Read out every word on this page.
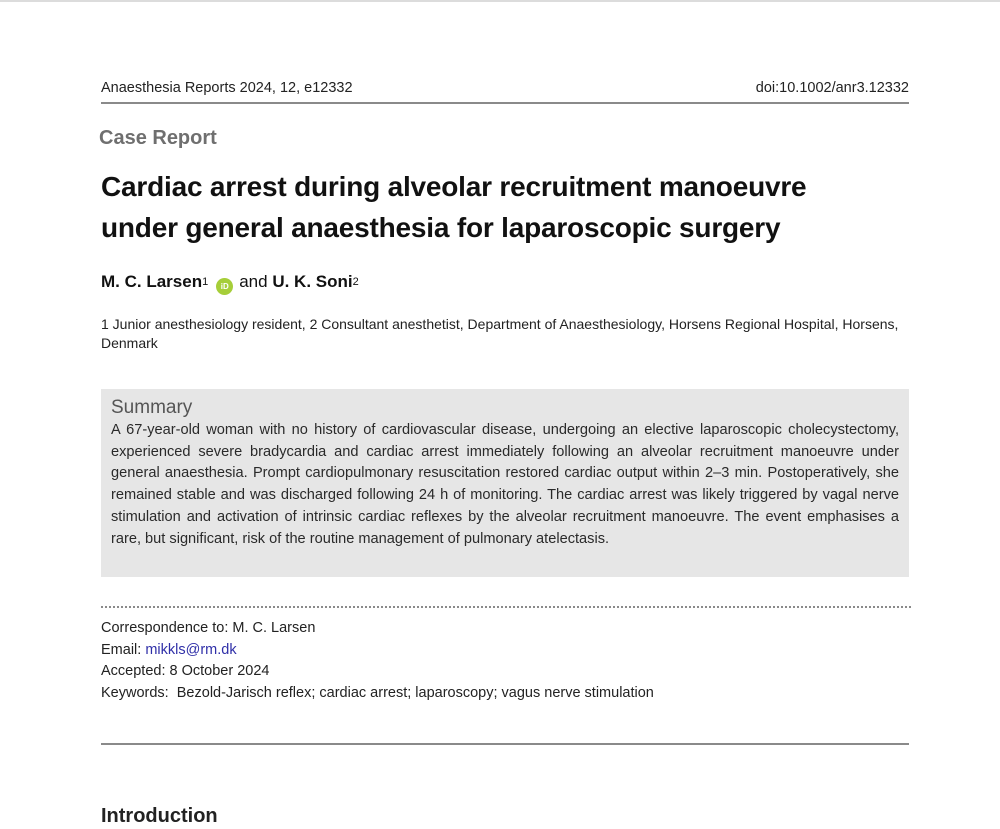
Anaesthesia Reports 2024, 12, e12332	doi:10.1002/anr3.12332
Case Report
Cardiac arrest during alveolar recruitment manoeuvre
under general anaesthesia for laparoscopic surgery
M. C. Larsen$^1$	iD and
U. K. Soni$^2$
1 Junior anesthesiology resident, 2 Consultant anesthetist, Department of Anaesthesiology, Horsens Regional Hospital, Horsens, Denmark
Summary

A 67-year-old woman with no history of cardiovascular disease, undergoing an elective laparoscopic cholecystectomy, experienced severe bradycardia and cardiac arrest immediately following an alveolar recruitment manoeuvre under general anaesthesia. Prompt cardiopulmonary resuscitation restored cardiac output within 2–3 min. Postoperatively, she remained stable and was discharged following 24 h of monitoring. The cardiac arrest was likely triggered by vagal nerve stimulation and activation of intrinsic cardiac reflexes by the alveolar recruitment manoeuvre. The event emphasises a rare, but significant, risk of the routine management of pulmonary atelectasis.

Correspondence to: M. C. Larsen
Email: mikkls@rm.dk
Accepted: 8 October 2024
Keywords: Bezold-Jarisch reflex; cardiac arrest; laparoscopy; vagus nerve stimulation
Introduction
